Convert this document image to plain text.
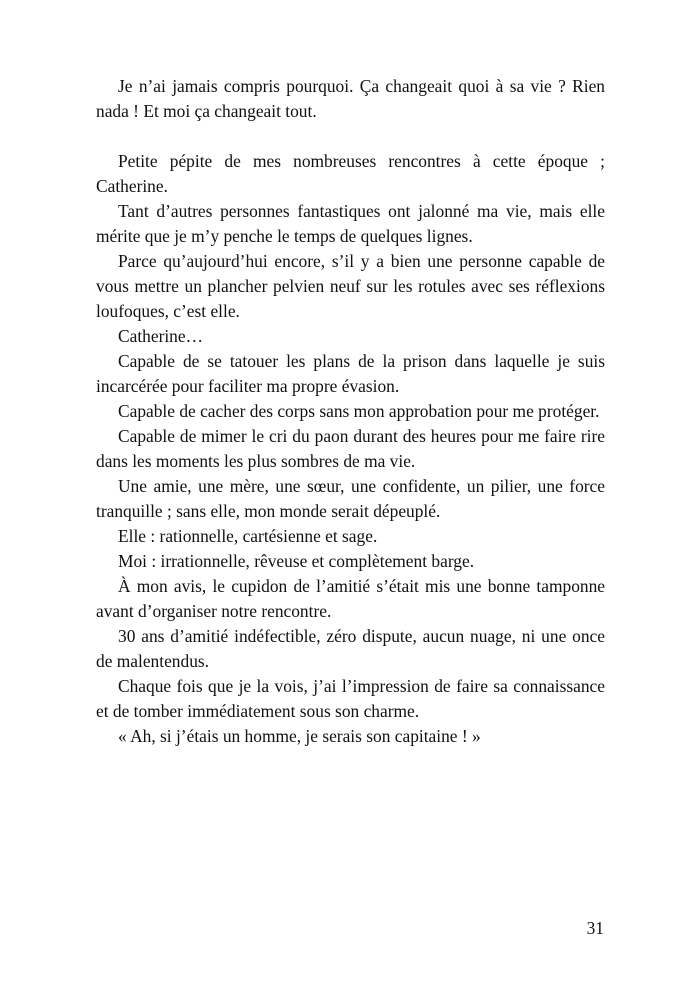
Je n’ai jamais compris pourquoi. Ça changeait quoi à sa vie ? Rien nada ! Et moi ça changeait tout.

Petite pépite de mes nombreuses rencontres à cette époque ; Catherine.

Tant d’autres personnes fantastiques ont jalonné ma vie, mais elle mérite que je m’y penche le temps de quelques lignes.

Parce qu’aujourd’hui encore, s’il y a bien une personne capable de vous mettre un plancher pelvien neuf sur les rotules avec ses réflexions loufoques, c’est elle.

Catherine…

Capable de se tatouer les plans de la prison dans laquelle je suis incarcérée pour faciliter ma propre évasion.

Capable de cacher des corps sans mon approbation pour me protéger.

Capable de mimer le cri du paon durant des heures pour me faire rire dans les moments les plus sombres de ma vie.

Une amie, une mère, une sœur, une confidente, un pilier, une force tranquille ; sans elle, mon monde serait dépeuplé.

Elle : rationnelle, cartésienne et sage.

Moi : irrationnelle, rêveuse et complètement barge.

À mon avis, le cupidon de l’amitié s’était mis une bonne tamponne avant d’organiser notre rencontre.

30 ans d’amitié indéfectible, zéro dispute, aucun nuage, ni une once de malentendus.

Chaque fois que je la vois, j’ai l’impression de faire sa connaissance et de tomber immédiatement sous son charme.

« Ah, si j’étais un homme, je serais son capitaine ! »

31
